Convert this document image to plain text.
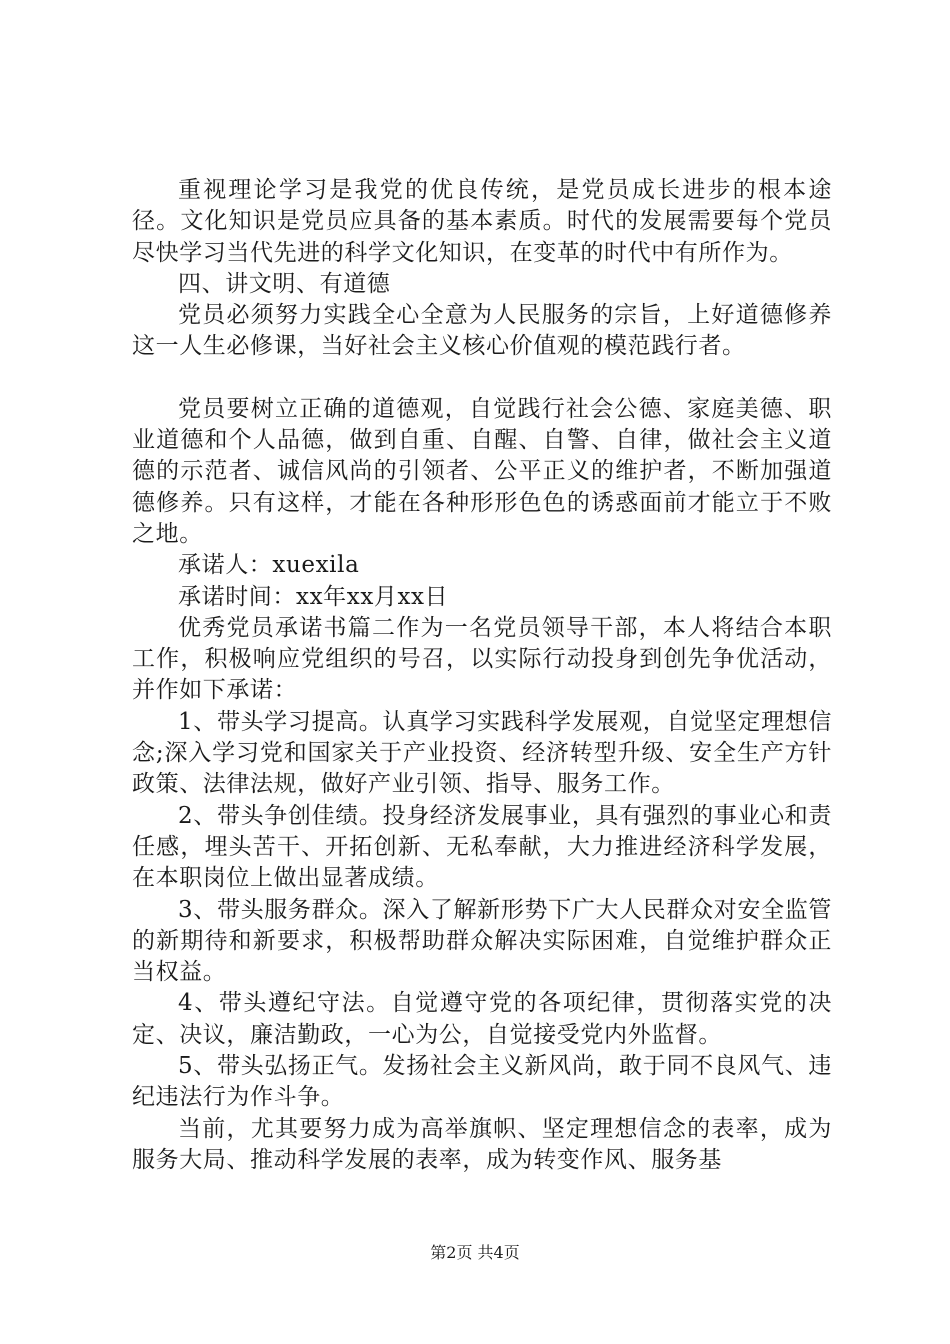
重视理论学习是我党的优良传统，是党员成长进步的根本途径。文化知识是党员应具备的基本素质。时代的发展需要每个党员尽快学习当代先进的科学文化知识，在变革的时代中有所作为。

四、讲文明、有道德

党员必须努力实践全心全意为人民服务的宗旨，上好道德修养这一人生必修课，当好社会主义核心价值观的模范践行者。

党员要树立正确的道德观，自觉践行社会公德、家庭美德、职业道德和个人品德，做到自重、自醒、自警、自律，做社会主义道德的示范者、诚信风尚的引领者、公平正义的维护者，不断加强道德修养。只有这样，才能在各种形形色色的诱惑面前才能立于不败之地。

承诺人：xuexila

承诺时间：xx年xx月xx日

优秀党员承诺书篇二作为一名党员领导干部，本人将结合本职工作，积极响应党组织的号召，以实际行动投身到创先争优活动，并作如下承诺：

1、带头学习提高。认真学习实践科学发展观，自觉坚定理想信念;深入学习党和国家关于产业投资、经济转型升级、安全生产方针政策、法律法规，做好产业引领、指导、服务工作。

2、带头争创佳绩。投身经济发展事业，具有强烈的事业心和责任感，埋头苦干、开拓创新、无私奉献，大力推进经济科学发展，在本职岗位上做出显著成绩。

3、带头服务群众。深入了解新形势下广大人民群众对安全监管的新期待和新要求，积极帮助群众解决实际困难，自觉维护群众正当权益。

4、带头遵纪守法。自觉遵守党的各项纪律，贯彻落实党的决定、决议，廉洁勤政，一心为公，自觉接受党内外监督。

5、带头弘扬正气。发扬社会主义新风尚，敢于同不良风气、违纪违法行为作斗争。

当前，尤其要努力成为高举旗帜、坚定理想信念的表率，成为服务大局、推动科学发展的表率，成为转变作风、服务基

第2页 共4页
